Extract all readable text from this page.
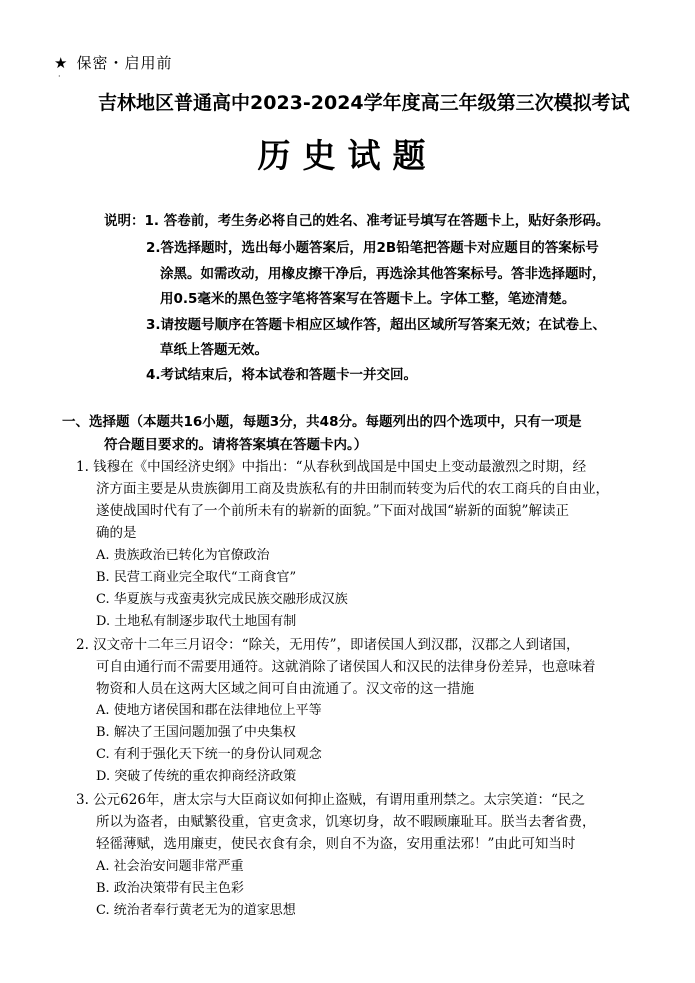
★ 保密・启用前
·
吉林地区普通高中2023-2024学年度高三年级第三次模拟考试
历史试题
说明：1. 答卷前，考生务必将自己的姓名、准考证号填写在答题卡上，贴好条形码。
2.答选择题时，选出每小题答案后，用2B铅笔把答题卡对应题目的答案标号
涂黑。如需改动，用橡皮擦干净后，再选涂其他答案标号。答非选择题时，
用0.5毫米的黑色签字笔将答案写在答题卡上。字体工整，笔迹清楚。
3.请按题号顺序在答题卡相应区域作答，超出区域所写答案无效；在试卷上、
草纸上答题无效。
4.考试结束后，将本试卷和答题卡一并交回。
一、选择题（本题共16小题，每题3分，共48分。每题列出的四个选项中，只有一项是
符合题目要求的。请将答案填在答题卡内。）
1. 钱穆在《中国经济史纲》中指出：“从春秋到战国是中国史上变动最激烈之时期，经
济方面主要是从贵族御用工商及贵族私有的井田制而转变为后代的农工商兵的自由业，
遂使战国时代有了一个前所未有的崭新的面貌。”下面对战国“崭新的面貌”解读正
确的是
A. 贵族政治已转化为官僚政治
B. 民营工商业完全取代“工商食官”
C. 华夏族与戎蛮夷狄完成民族交融形成汉族
D. 土地私有制逐步取代土地国有制
2. 汉文帝十二年三月诏令：“除关，无用传”，即诸侯国人到汉郡，汉郡之人到诸国，
可自由通行而不需要用通符。这就消除了诸侯国人和汉民的法律身份差异，也意味着
物资和人员在这两大区域之间可自由流通了。汉文帝的这一措施
A. 使地方诸侯国和郡在法律地位上平等
B. 解决了王国问题加强了中央集权
C. 有利于强化天下统一的身份认同观念
D. 突破了传统的重农抑商经济政策
3. 公元626年，唐太宗与大臣商议如何抑止盗贼，有谓用重刑禁之。太宗笑道：“民之
所以为盗者，由赋繁役重，官吏贪求，饥寒切身，故不暇顾廉耻耳。朕当去奢省费，
轻徭薄赋，选用廉吏，使民衣食有余，则自不为盗，安用重法邪！”由此可知当时
A. 社会治安问题非常严重
B. 政治决策带有民主色彩
C. 统治者奉行黄老无为的道家思想
